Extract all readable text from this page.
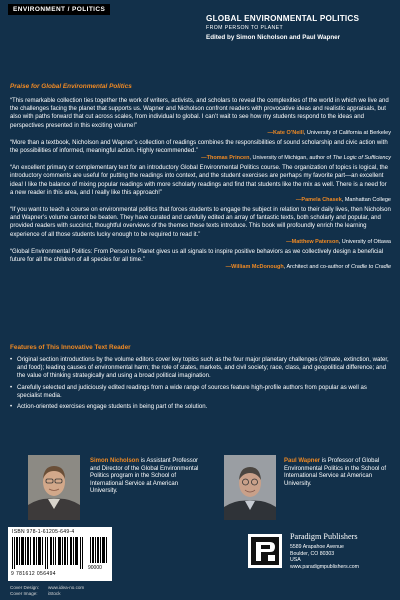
ENVIRONMENT / POLITICS
GLOBAL ENVIRONMENTAL POLITICS
FROM PERSON TO PLANET
Edited by Simon Nicholson and Paul Wapner
Praise for Global Environmental Politics
“This remarkable collection ties together the work of writers, activists, and scholars to reveal the complexities of the world in which we live and the challenges facing the planet that supports us. Wapner and Nicholson confront readers with provocative ideas and realistic appraisals, but also with paths forward that cut across scales, from individual to global. I can’t wait to see how my students respond to the ideas and perspectives presented in this exciting volume!”
—Kate O’Neill, University of California at Berkeley
“More than a textbook, Nicholson and Wapner’s collection of readings combines the responsibilities of sound scholarship and civic action with the possibilities of informed, meaningful action. Highly recommended.”
—Thomas Princen, University of Michigan, author of The Logic of Sufficiency
“An excellent primary or complementary text for an introductory Global Environmental Politics course. The organization of topics is logical, the introductory comments are useful for putting the readings into context, and the student exercises are perhaps my favorite part—an excellent idea! I like the balance of mixing popular readings with more scholarly readings and find that students like the mix as well. There is a need for a new reader in this area, and I really like this approach!”
—Pamela Chasek, Manhattan College
“If you want to teach a course on environmental politics that forces students to engage the subject in relation to their daily lives, then Nicholson and Wapner’s volume cannot be beaten. They have curated and carefully edited an array of fantastic texts, both scholarly and popular, and provided readers with succinct, thoughtful overviews of the themes these texts introduce. This book will profoundly enrich the learning experience of all those students lucky enough to be required to read it.”
—Matthew Paterson, University of Ottawa
“Global Environmental Politics: From Person to Planet gives us all signals to inspire positive behaviors as we collectively design a beneficial future for all the children of all species for all time.”
—William McDonough, Architect and co-author of Cradle to Cradle
Features of This Innovative Text Reader
• Original section introductions by the volume editors cover key topics such as the four major planetary challenges (climate, extinction, water, and food); leading causes of environmental harm; the role of states, markets, and civil society; race, class, and geopolitical difference; and the value of thinking strategically and using a broad political imagination.
• Carefully selected and judiciously edited readings from a wide range of sources feature high-profile authors from popular as well as specialist media.
• Action-oriented exercises engage students in being part of the solution.
Simon Nicholson is Assistant Professor and Director of the Global Environmental Politics program in the School of International Service at American University.
Paul Wapner is Professor of Global Environmental Politics in the School of International Service at American University.
ISBN 978-1-61205-649-4
90000
9 781612 056494
Cover Design: www.idea-no.com
Cover Image: iStock
Paradigm Publishers
5589 Arapahoe Avenue
Boulder, CO 80303
USA
www.paradigmpublishers.com
